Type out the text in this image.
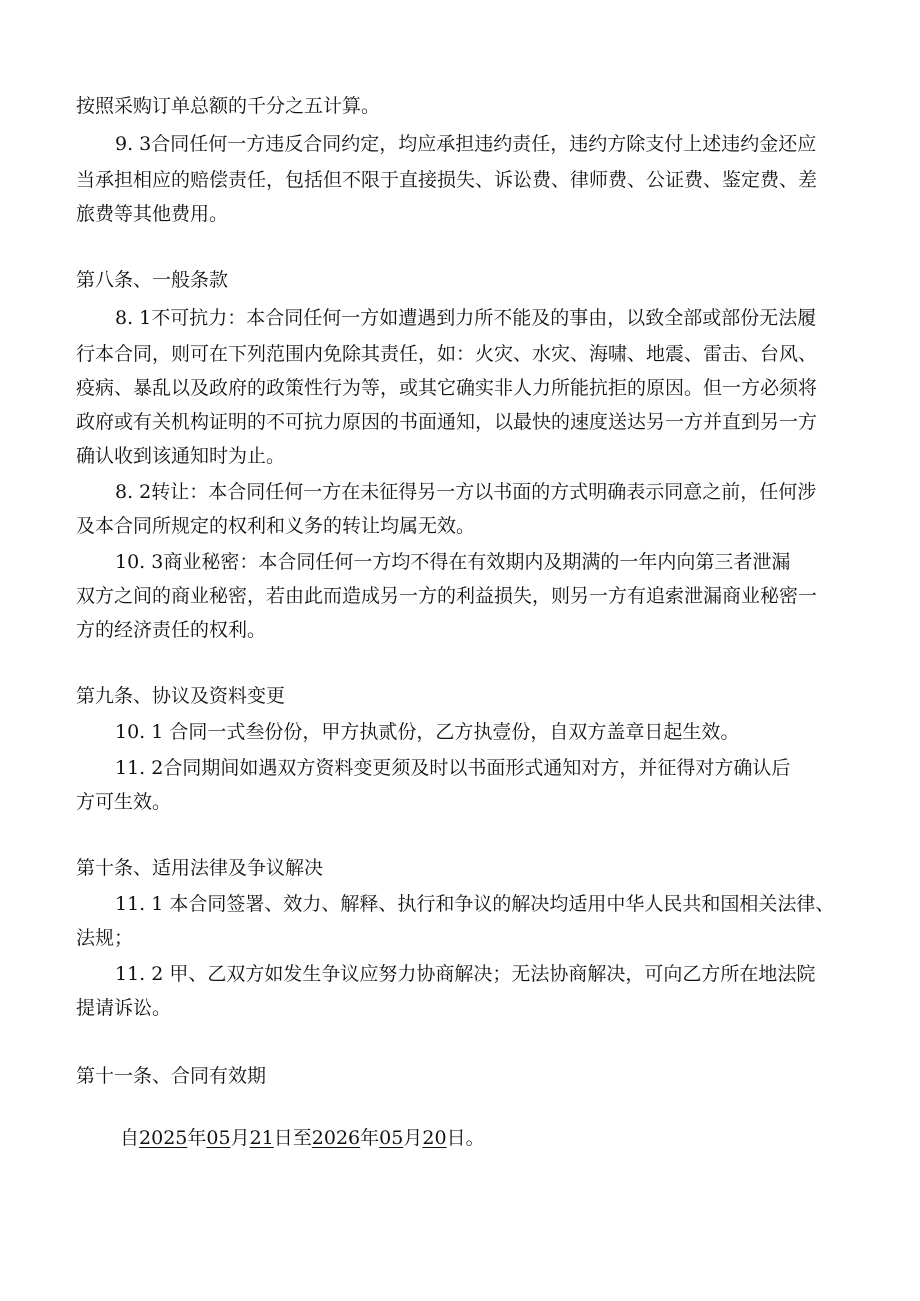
按照采购订单总额的千分之五计算。
9. 3合同任何一方违反合同约定，均应承担违约责任，违约方除支付上述违约金还应
当承担相应的赔偿责任，包括但不限于直接损失、诉讼费、律师费、公证费、鉴定费、差
旅费等其他费用。
第八条、一般条款
8. 1不可抗力：本合同任何一方如遭遇到力所不能及的事由，以致全部或部份无法履
行本合同，则可在下列范围内免除其责任，如：火灾、水灾、海啸、地震、雷击、台风、
疫病、暴乱以及政府的政策性行为等，或其它确实非人力所能抗拒的原因。但一方必须将
政府或有关机构证明的不可抗力原因的书面通知，以最快的速度送达另一方并直到另一方
确认收到该通知时为止。
8. 2转让：本合同任何一方在未征得另一方以书面的方式明确表示同意之前，任何涉
及本合同所规定的权利和义务的转让均属无效。
10. 3商业秘密：本合同任何一方均不得在有效期内及期满的一年内向第三者泄漏
双方之间的商业秘密，若由此而造成另一方的利益损失，则另一方有追索泄漏商业秘密一
方的经济责任的权利。
第九条、协议及资料变更
10. 1 合同一式叁份份，甲方执贰份，乙方执壹份，自双方盖章日起生效。
11. 2合同期间如遇双方资料变更须及时以书面形式通知对方，并征得对方确认后
方可生效。
第十条、适用法律及争议解决
11. 1 本合同签署、效力、解释、执行和争议的解决均适用中华人民共和国相关法律、
法规；
11. 2 甲、乙双方如发生争议应努力协商解决；无法协商解决，可向乙方所在地法院
提请诉讼。
第十一条、合同有效期
自2025年05月21日至2026年05月20日。
